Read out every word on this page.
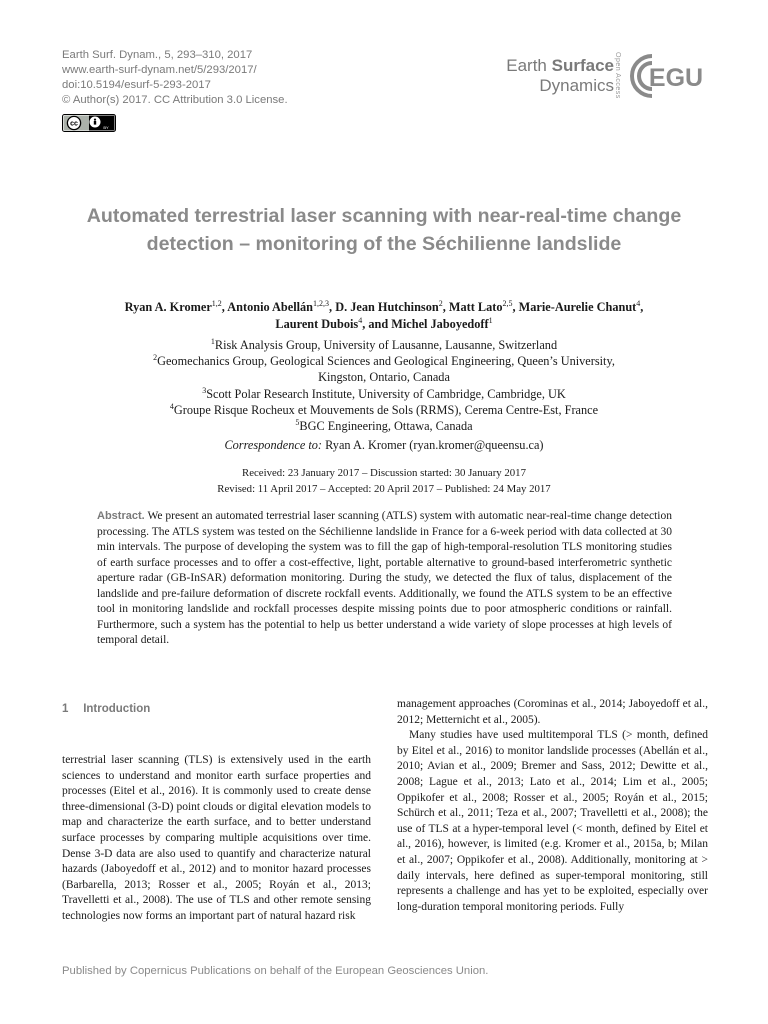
Earth Surf. Dynam., 5, 293–310, 2017
www.earth-surf-dynam.net/5/293/2017/
doi:10.5194/esurf-5-293-2017
© Author(s) 2017. CC Attribution 3.0 License.
cc	BY
Earth Surface
Dynamics Open Access EGU
Automated terrestrial laser scanning with near-real-time change detection – monitoring of the Séchilienne landslide
Ryan A. Kromer$^{1,2}$, Antonio Abellán$^{1,2,3}$, D. Jean Hutchinson$^2$, Matt Lato$^{2,5}$, Marie-Aurelie Chanut$^4$,
Laurent Dubois$^4$, and Michel Jaboyedoff$^1$
$^1$Risk Analysis Group, University of Lausanne, Lausanne, Switzerland
$^2$Geomechanics Group, Geological Sciences and Geological Engineering, Queen’s University,
Kingston, Ontario, Canada
$^3$Scott Polar Research Institute, University of Cambridge, Cambridge, UK
$^4$Groupe Risque Rocheux et Mouvements de Sols (RRMS), Cerema Centre-Est, France
$^5$BGC Engineering, Ottawa, Canada
Correspondence to: Ryan A. Kromer (ryan.kromer@queensu.ca)
Received: 23 January 2017 – Discussion started: 30 January 2017
Revised: 11 April 2017 – Accepted: 20 April 2017 – Published: 24 May 2017
Abstract. We present an automated terrestrial laser scanning (ATLS) system with automatic near-real-time change detection processing. The ATLS system was tested on the Séchilienne landslide in France for a 6-week period with data collected at 30 min intervals. The purpose of developing the system was to fill the gap of high-temporal-resolution TLS monitoring studies of earth surface processes and to offer a cost-effective, light, portable alternative to ground-based interferometric synthetic aperture radar (GB-InSAR) deformation monitoring. During the study, we detected the flux of talus, displacement of the landslide and pre-failure deformation of discrete rockfall events. Additionally, we found the ATLS system to be an effective tool in monitoring landslide and rockfall processes despite missing points due to poor atmospheric conditions or rainfall. Furthermore, such a system has the potential to help us better understand a wide variety of slope processes at high levels of temporal detail.
1 Introduction
terrestrial laser scanning (TLS) is extensively used in the earth sciences to understand and monitor earth surface properties and processes (Eitel et al., 2016). It is commonly used to create dense three-dimensional (3-D) point clouds or digital elevation models to map and characterize the earth surface, and to better understand surface processes by comparing multiple acquisitions over time. Dense 3-D data are also used to quantify and characterize natural hazards (Jaboyedoff et al., 2012) and to monitor hazard processes (Barbarella, 2013; Rosser et al., 2005; Royán et al., 2013; Travelletti et al., 2008). The use of TLS and other remote sensing technologies now forms an important part of natural hazard risk

management approaches (Corominas et al., 2014; Jaboyedoff et al., 2012; Metternicht et al., 2005).

Many studies have used multitemporal TLS (> month, defined by Eitel et al., 2016) to monitor landslide processes (Abellán et al., 2010; Avian et al., 2009; Bremer and Sass, 2012; Dewitte et al., 2008; Lague et al., 2013; Lato et al., 2014; Lim et al., 2005; Oppikofer et al., 2008; Rosser et al., 2005; Royán et al., 2015; Schürch et al., 2011; Teza et al., 2007; Travelletti et al., 2008); the use of TLS at a hyper-temporal level (< month, defined by Eitel et al., 2016), however, is limited (e.g. Kromer et al., 2015a, b; Milan et al., 2007; Oppikofer et al., 2008). Additionally, monitoring at > daily intervals, here defined as super-temporal monitoring, still represents a challenge and has yet to be exploited, especially over long-duration temporal monitoring periods. Fully

Published by Copernicus Publications on behalf of the European Geosciences Union.
